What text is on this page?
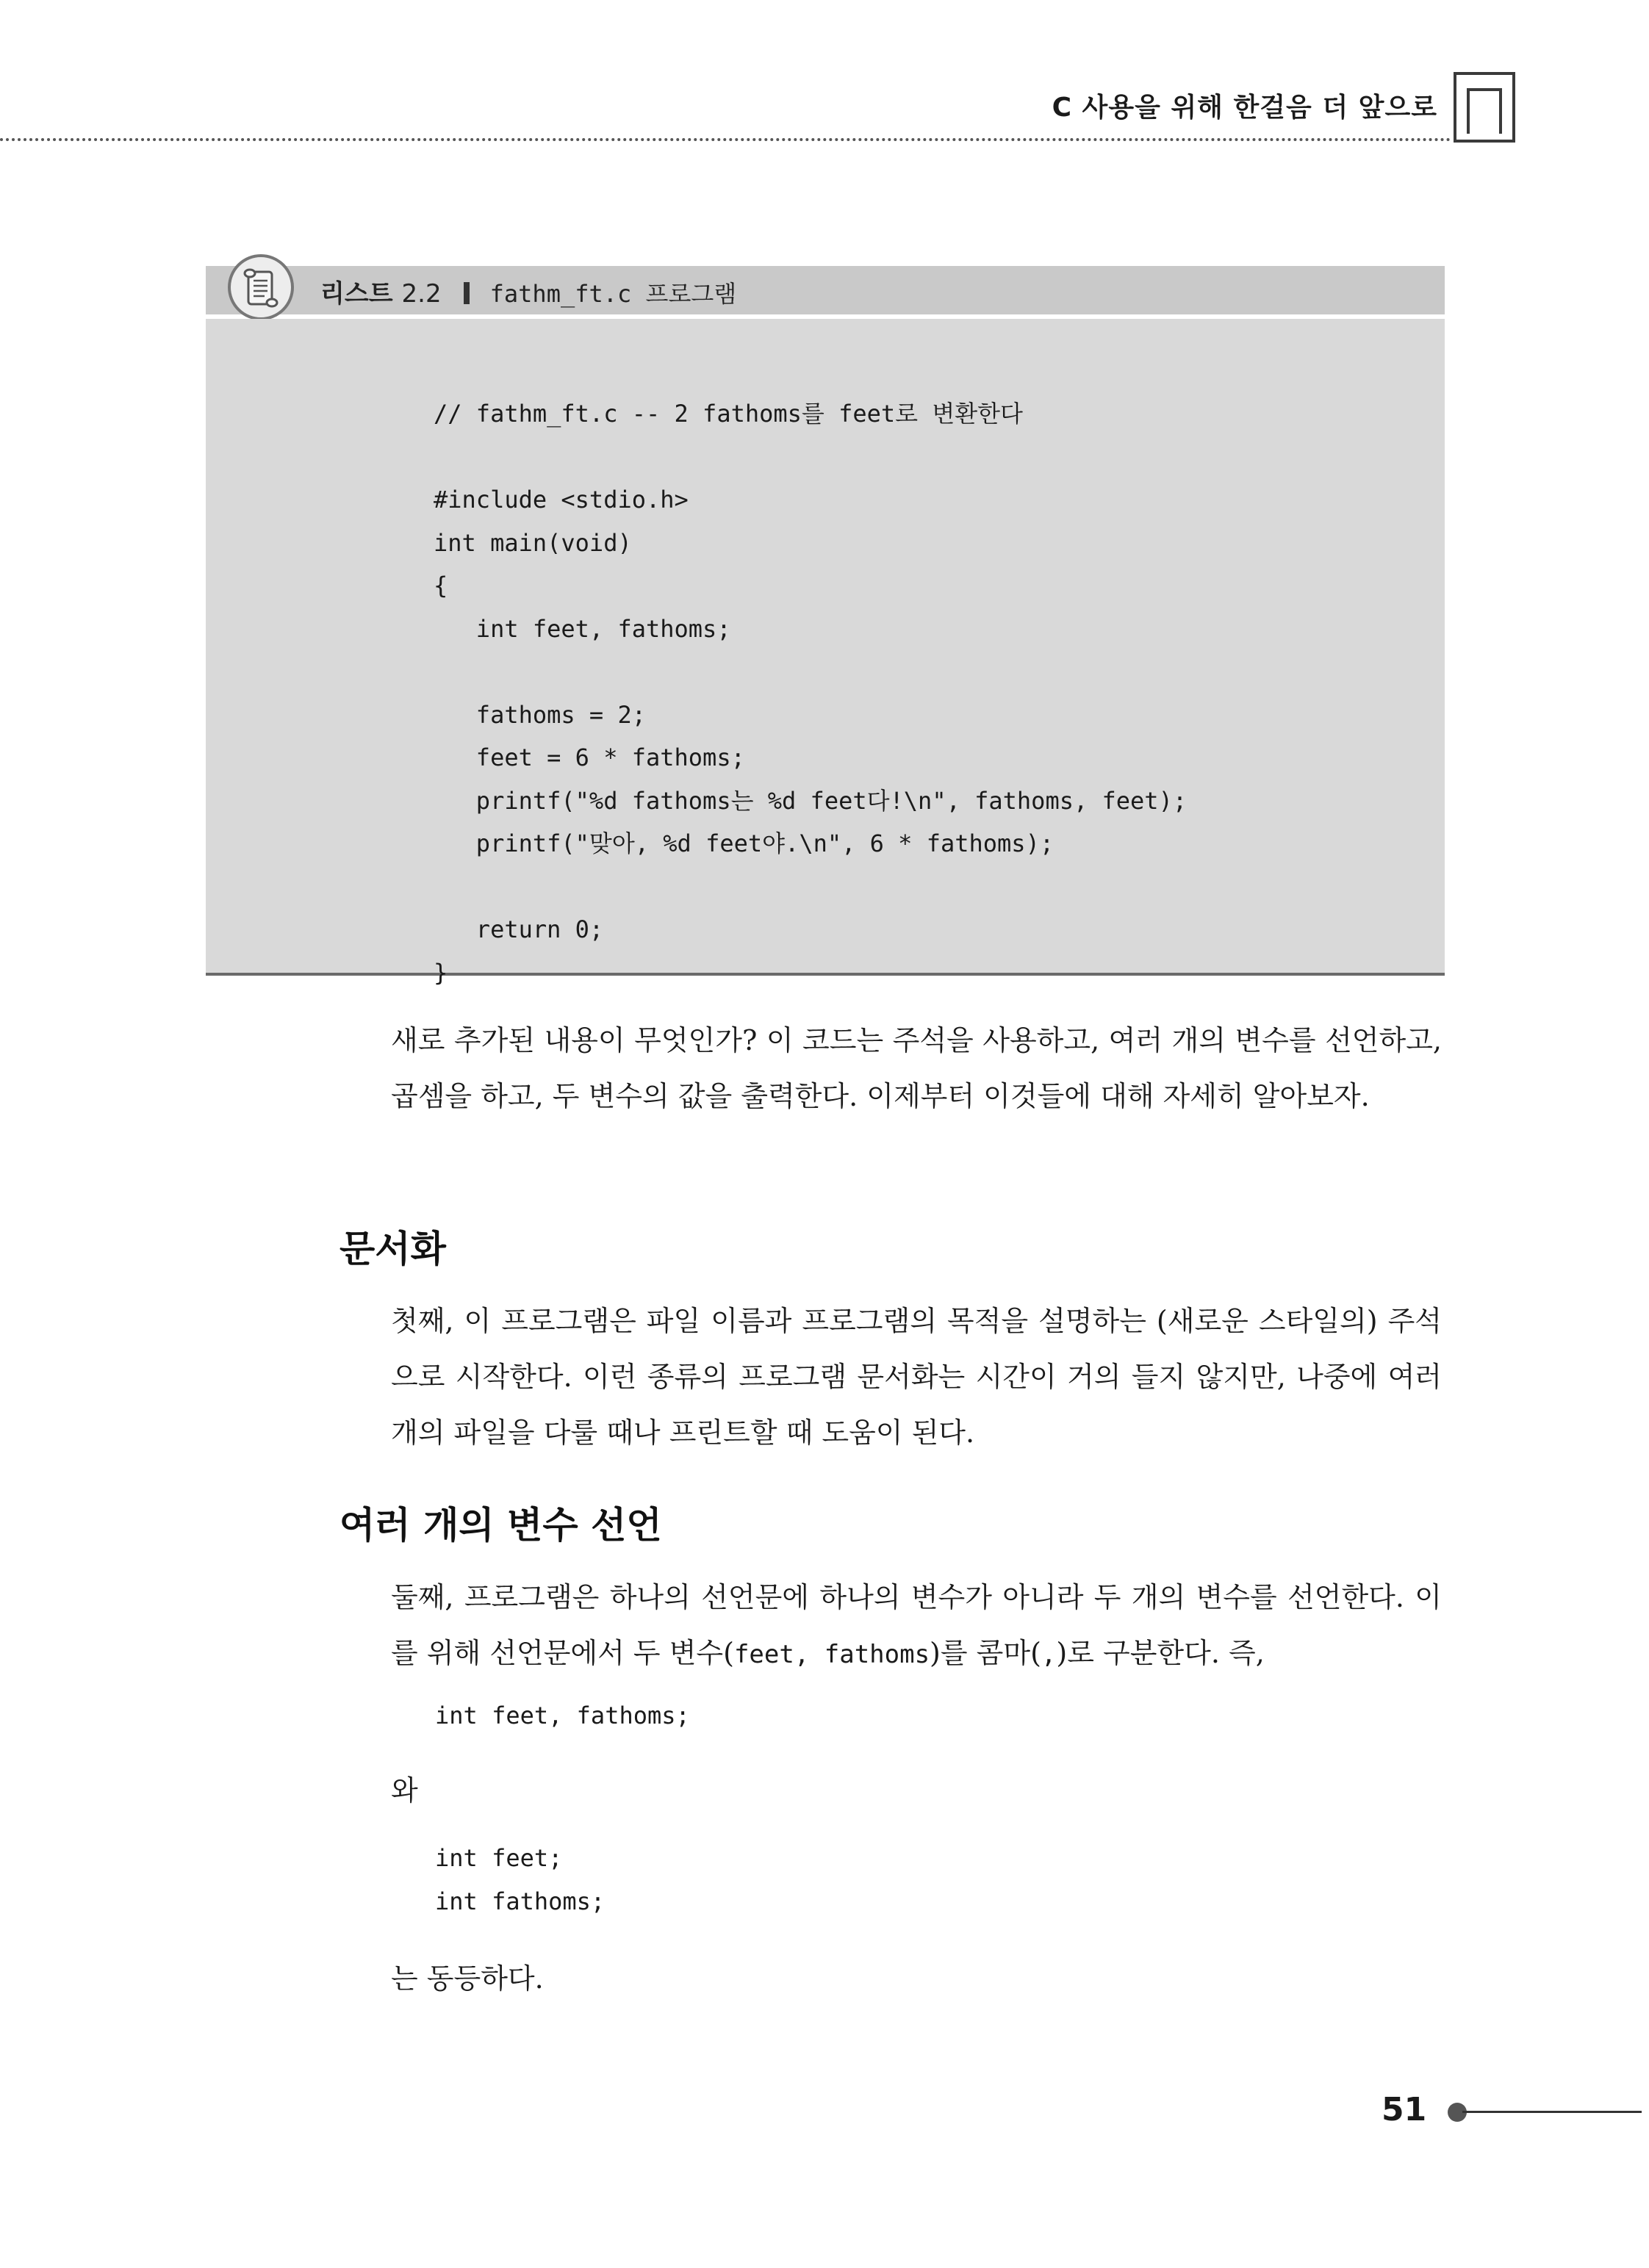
C 사용을 위해 한걸음 더 앞으로
리스트 2.2 fathm_ft.c 프로그램
// fathm_ft.c -- 2 fathoms를 feet로 변환한다
#include <stdio.h>
int main(void)
{
int feet, fathoms;
fathoms = 2;
feet = 6 * fathoms;
printf("%d fathoms는 %d feet다!\n", fathoms, feet);
printf("맞아, %d feet야.\n", 6 * fathoms);
return 0;
}

새로 추가된 내용이 무엇인가? 이 코드는 주석을 사용하고, 여러 개의 변수를 선언하고, 곱셈을 하고, 두 변수의 값을 출력한다. 이제부터 이것들에 대해 자세히 알아보자.

문서화

첫째, 이 프로그램은 파일 이름과 프로그램의 목적을 설명하는 (새로운 스타일의) 주석으로 시작한다. 이런 종류의 프로그램 문서화는 시간이 거의 들지 않지만, 나중에 여러 개의 파일을 다룰 때나 프린트할 때 도움이 된다.

여러 개의 변수 선언

둘째, 프로그램은 하나의 선언문에 하나의 변수가 아니라 두 개의 변수를 선언한다. 이를 위해 선언문에서 두 변수(feet, fathoms)를 콤마(,)로 구분한다. 즉,

int feet, fathoms;

와

int feet;
int fathoms;

는 동등하다.

51
